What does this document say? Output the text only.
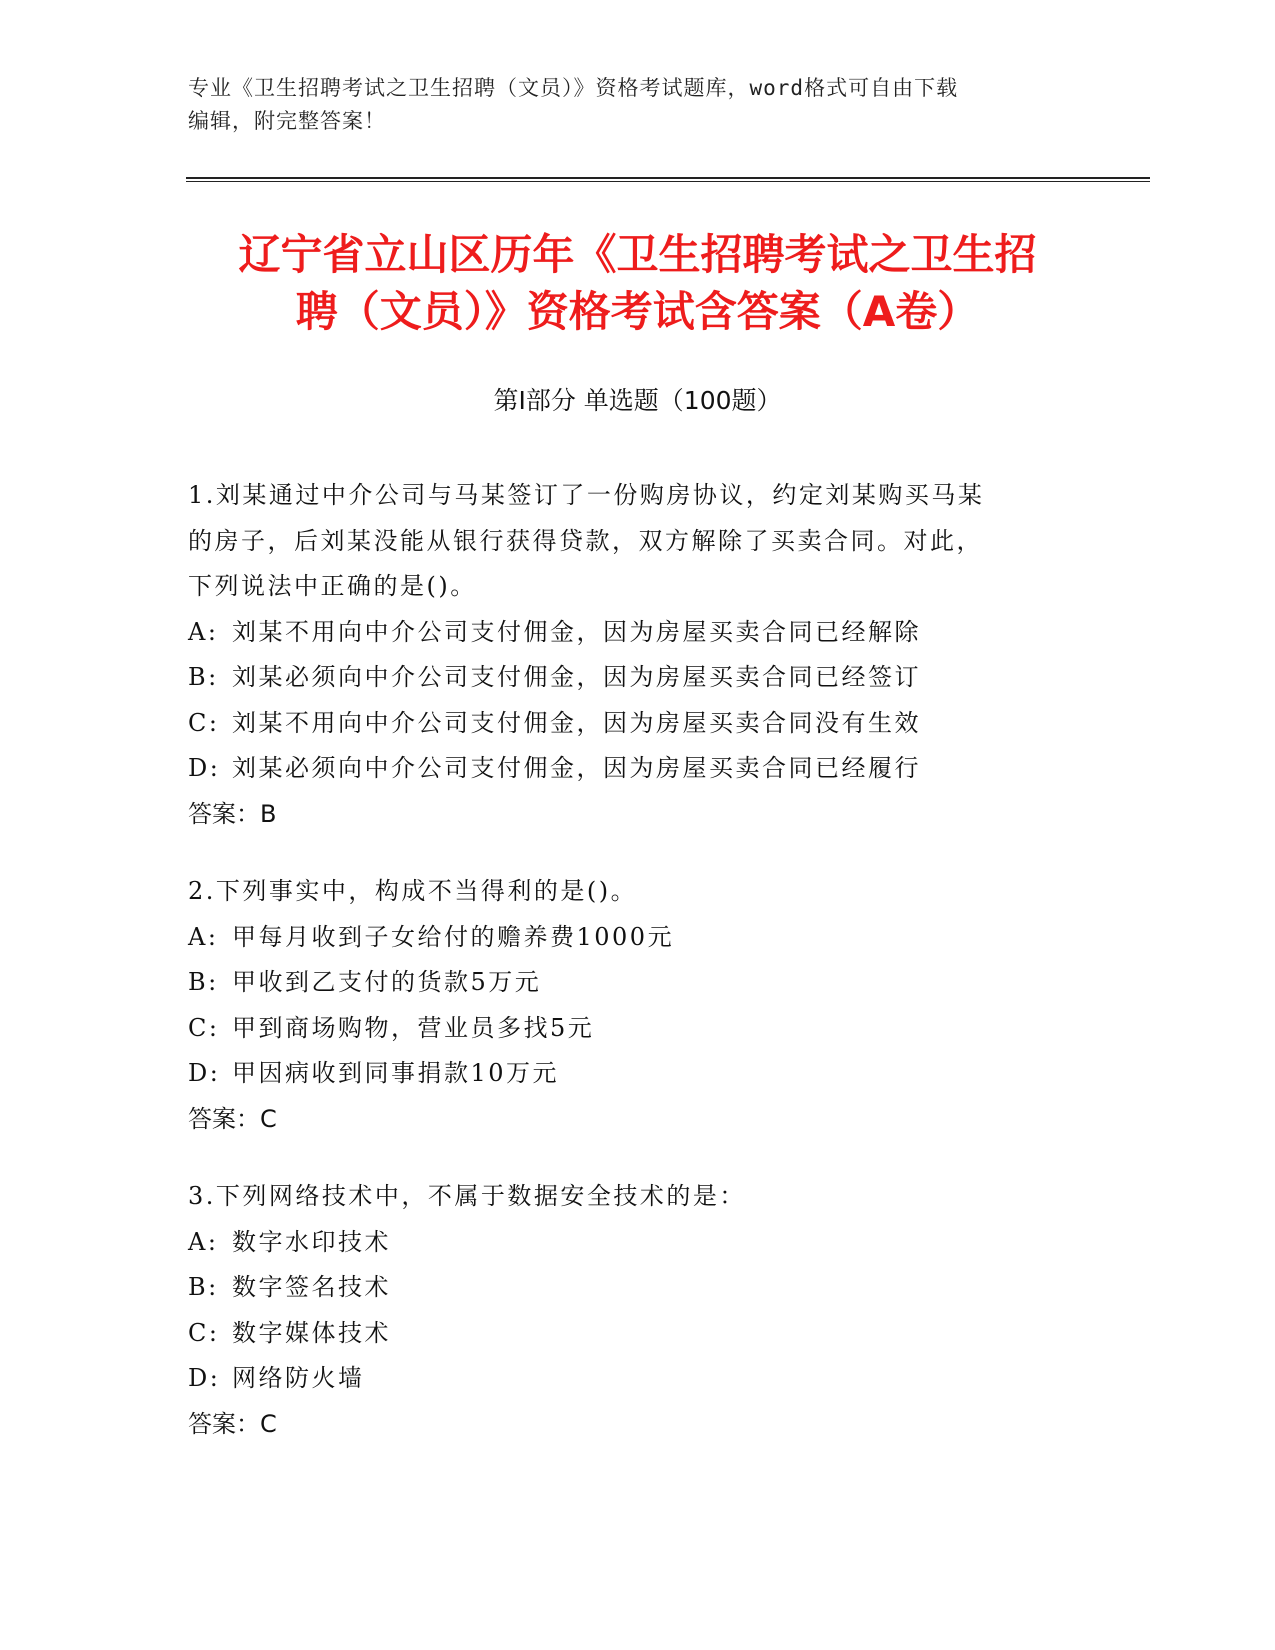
专业《卫生招聘考试之卫生招聘（文员）》资格考试题库，word格式可自由下载
编辑，附完整答案！
辽宁省立山区历年《卫生招聘考试之卫生招
聘（文员）》资格考试含答案（A卷）
第Ⅰ部分 单选题（100题）

1.刘某通过中介公司与马某签订了一份购房协议，约定刘某购买马某

的房子，后刘某没能从银行获得贷款，双方解除了买卖合同。对此，

下列说法中正确的是()。

A: 刘某不用向中介公司支付佣金，因为房屋买卖合同已经解除

B: 刘某必须向中介公司支付佣金，因为房屋买卖合同已经签订

C: 刘某不用向中介公司支付佣金，因为房屋买卖合同没有生效

D: 刘某必须向中介公司支付佣金，因为房屋买卖合同已经履行

答案：B

2.下列事实中，构成不当得利的是()。

A: 甲每月收到子女给付的赡养费1000元

B: 甲收到乙支付的货款5万元

C: 甲到商场购物，营业员多找5元

D: 甲因病收到同事捐款10万元

答案：C

3.下列网络技术中，不属于数据安全技术的是：

A: 数字水印技术

B: 数字签名技术

C: 数字媒体技术

D: 网络防火墙

答案：C
